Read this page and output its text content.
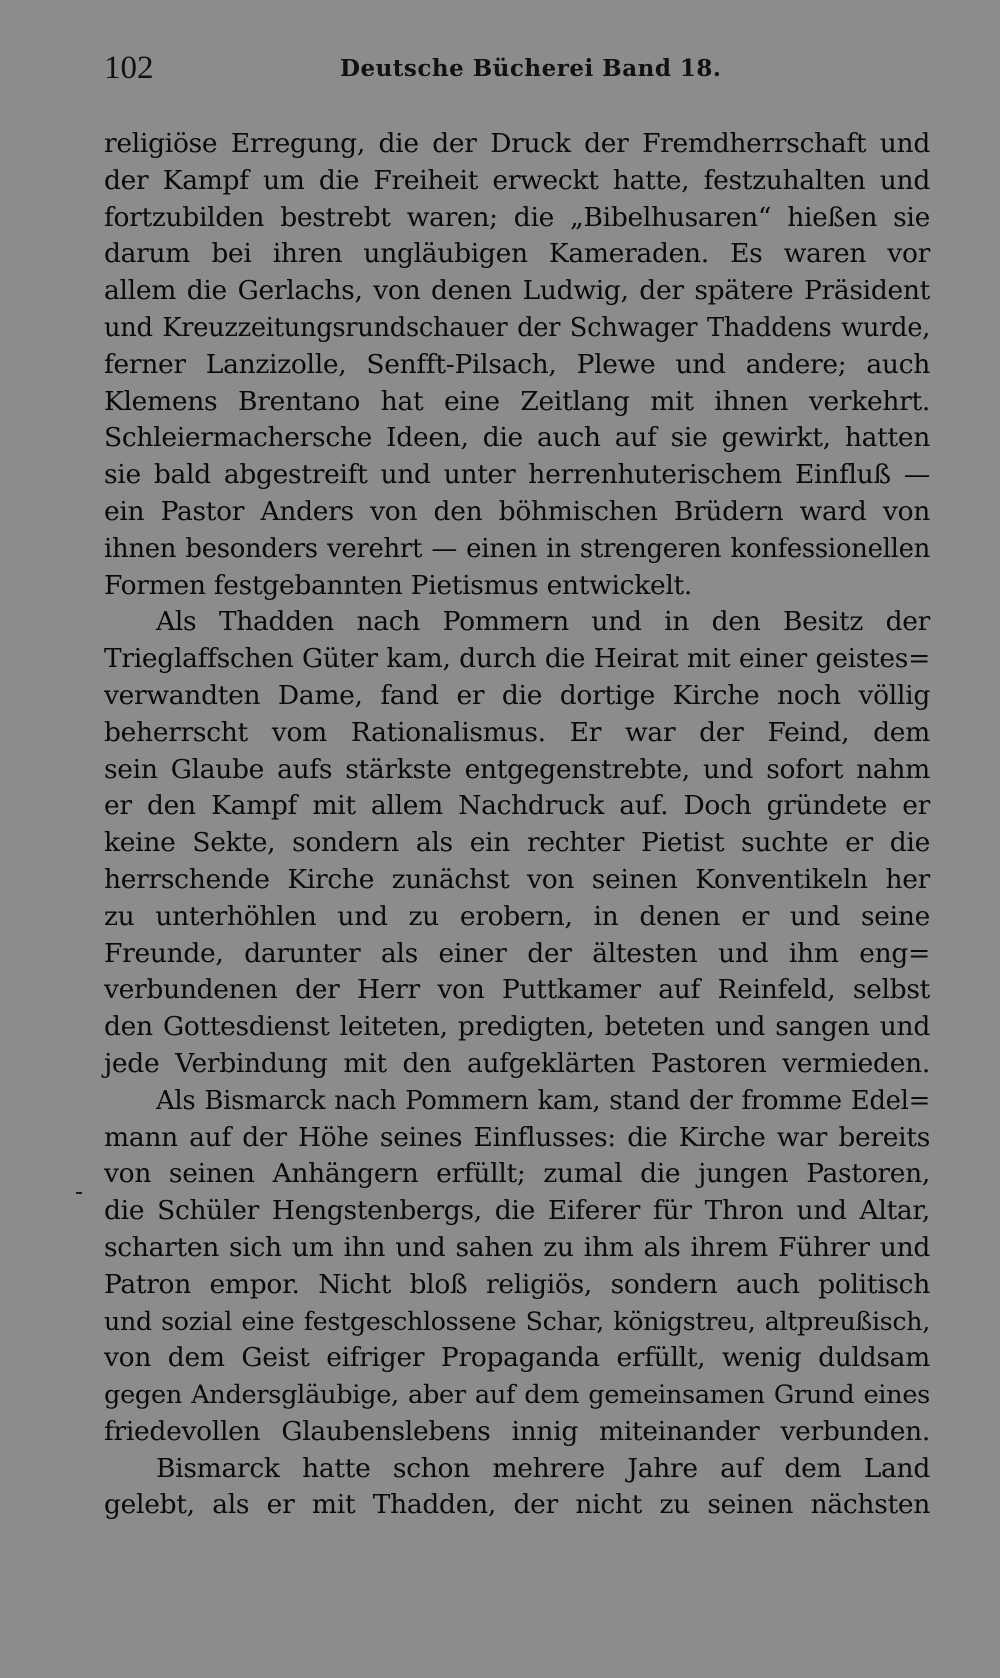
102	Deutsche Bücherei Band 18.
religiöse Erregung, die der Druck der Fremdherrschaft und
der Kampf um die Freiheit erweckt hatte, festzuhalten und
fortzubilden bestrebt waren; die „Bibelhusaren“ hießen sie
darum bei ihren ungläubigen Kameraden. Es waren vor
allem die Gerlachs, von denen Ludwig, der spätere Präsident
und Kreuzzeitungsrundschauer der Schwager Thaddens wurde,
ferner Lanzizolle, Senfft-Pilsach, Plewe und andere; auch
Klemens Brentano hat eine Zeitlang mit ihnen verkehrt.
Schleiermachersche Ideen, die auch auf sie gewirkt, hatten
sie bald abgestreift und unter herrenhuterischem Einfluß —
ein Pastor Anders von den böhmischen Brüdern ward von
ihnen besonders verehrt — einen in strengeren konfessionellen
Formen festgebannten Pietismus entwickelt.
Als Thadden nach Pommern und in den Besitz der
Trieglaffschen Güter kam, durch die Heirat mit einer geistes=
verwandten Dame, fand er die dortige Kirche noch völlig
beherrscht vom Rationalismus. Er war der Feind, dem
sein Glaube aufs stärkste entgegenstrebte, und sofort nahm
er den Kampf mit allem Nachdruck auf. Doch gründete er
keine Sekte, sondern als ein rechter Pietist suchte er die
herrschende Kirche zunächst von seinen Konventikeln her
zu unterhöhlen und zu erobern, in denen er und seine
Freunde, darunter als einer der ältesten und ihm eng=
verbundenen der Herr von Puttkamer auf Reinfeld, selbst
den Gottesdienst leiteten, predigten, beteten und sangen und
jede Verbindung mit den aufgeklärten Pastoren vermieden.
Als Bismarck nach Pommern kam, stand der fromme Edel=
mann auf der Höhe seines Einflusses: die Kirche war bereits
von seinen Anhängern erfüllt; zumal die jungen Pastoren,
die Schüler Hengstenbergs, die Eiferer für Thron und Altar,
scharten sich um ihn und sahen zu ihm als ihrem Führer und
Patron empor. Nicht bloß religiös, sondern auch politisch
und sozial eine festgeschlossene Schar, königstreu, altpreußisch,
von dem Geist eifriger Propaganda erfüllt, wenig duldsam
gegen Andersgläubige, aber auf dem gemeinsamen Grund eines
friedevollen Glaubenslebens innig miteinander verbunden.
Bismarck hatte schon mehrere Jahre auf dem Land
gelebt, als er mit Thadden, der nicht zu seinen nächsten
